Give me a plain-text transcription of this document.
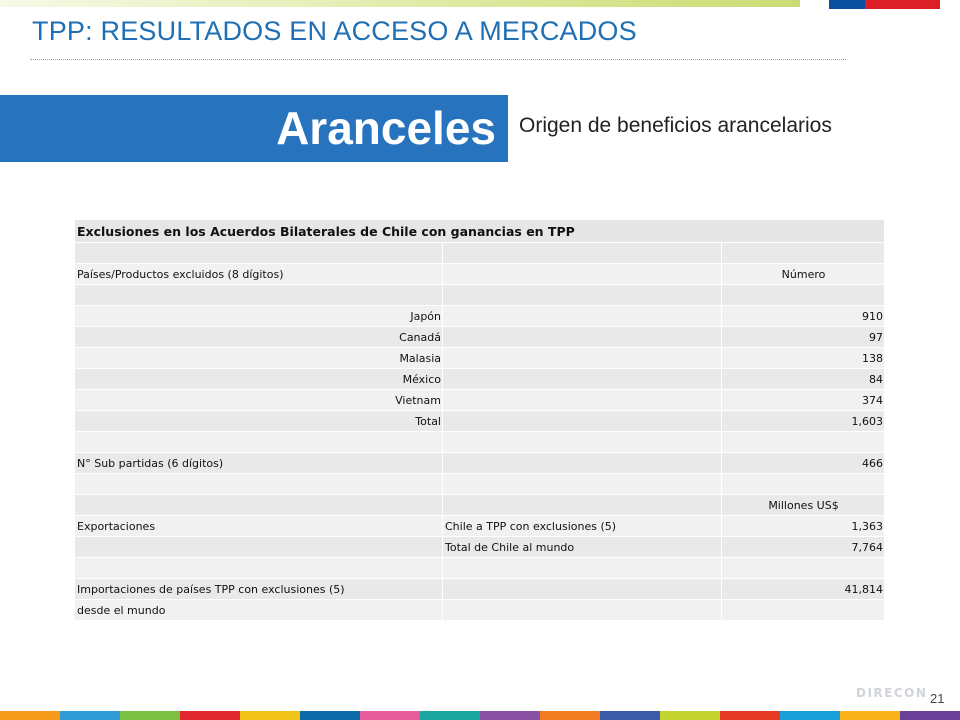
TPP: RESULTADOS EN ACCESO A MERCADOS
Aranceles Origen de beneficios arancelarios
Exclusiones en los Acuerdos Bilaterales de Chile con ganancias en TPP		

Países/Productos excluidos (8 dígitos)		Número

Japón		910
Canadá		97
Malasia		138
México		84
Vietnam		374
Total		1,603

N° Sub partidas (6 dígitos)		466

		Millones US$
Exportaciones	Chile a TPP con exclusiones (5)	1,363
	Total de Chile al mundo	7,764

Importaciones de países TPP con exclusiones (5)		41,814
desde el mundo		
DIRECON 21
